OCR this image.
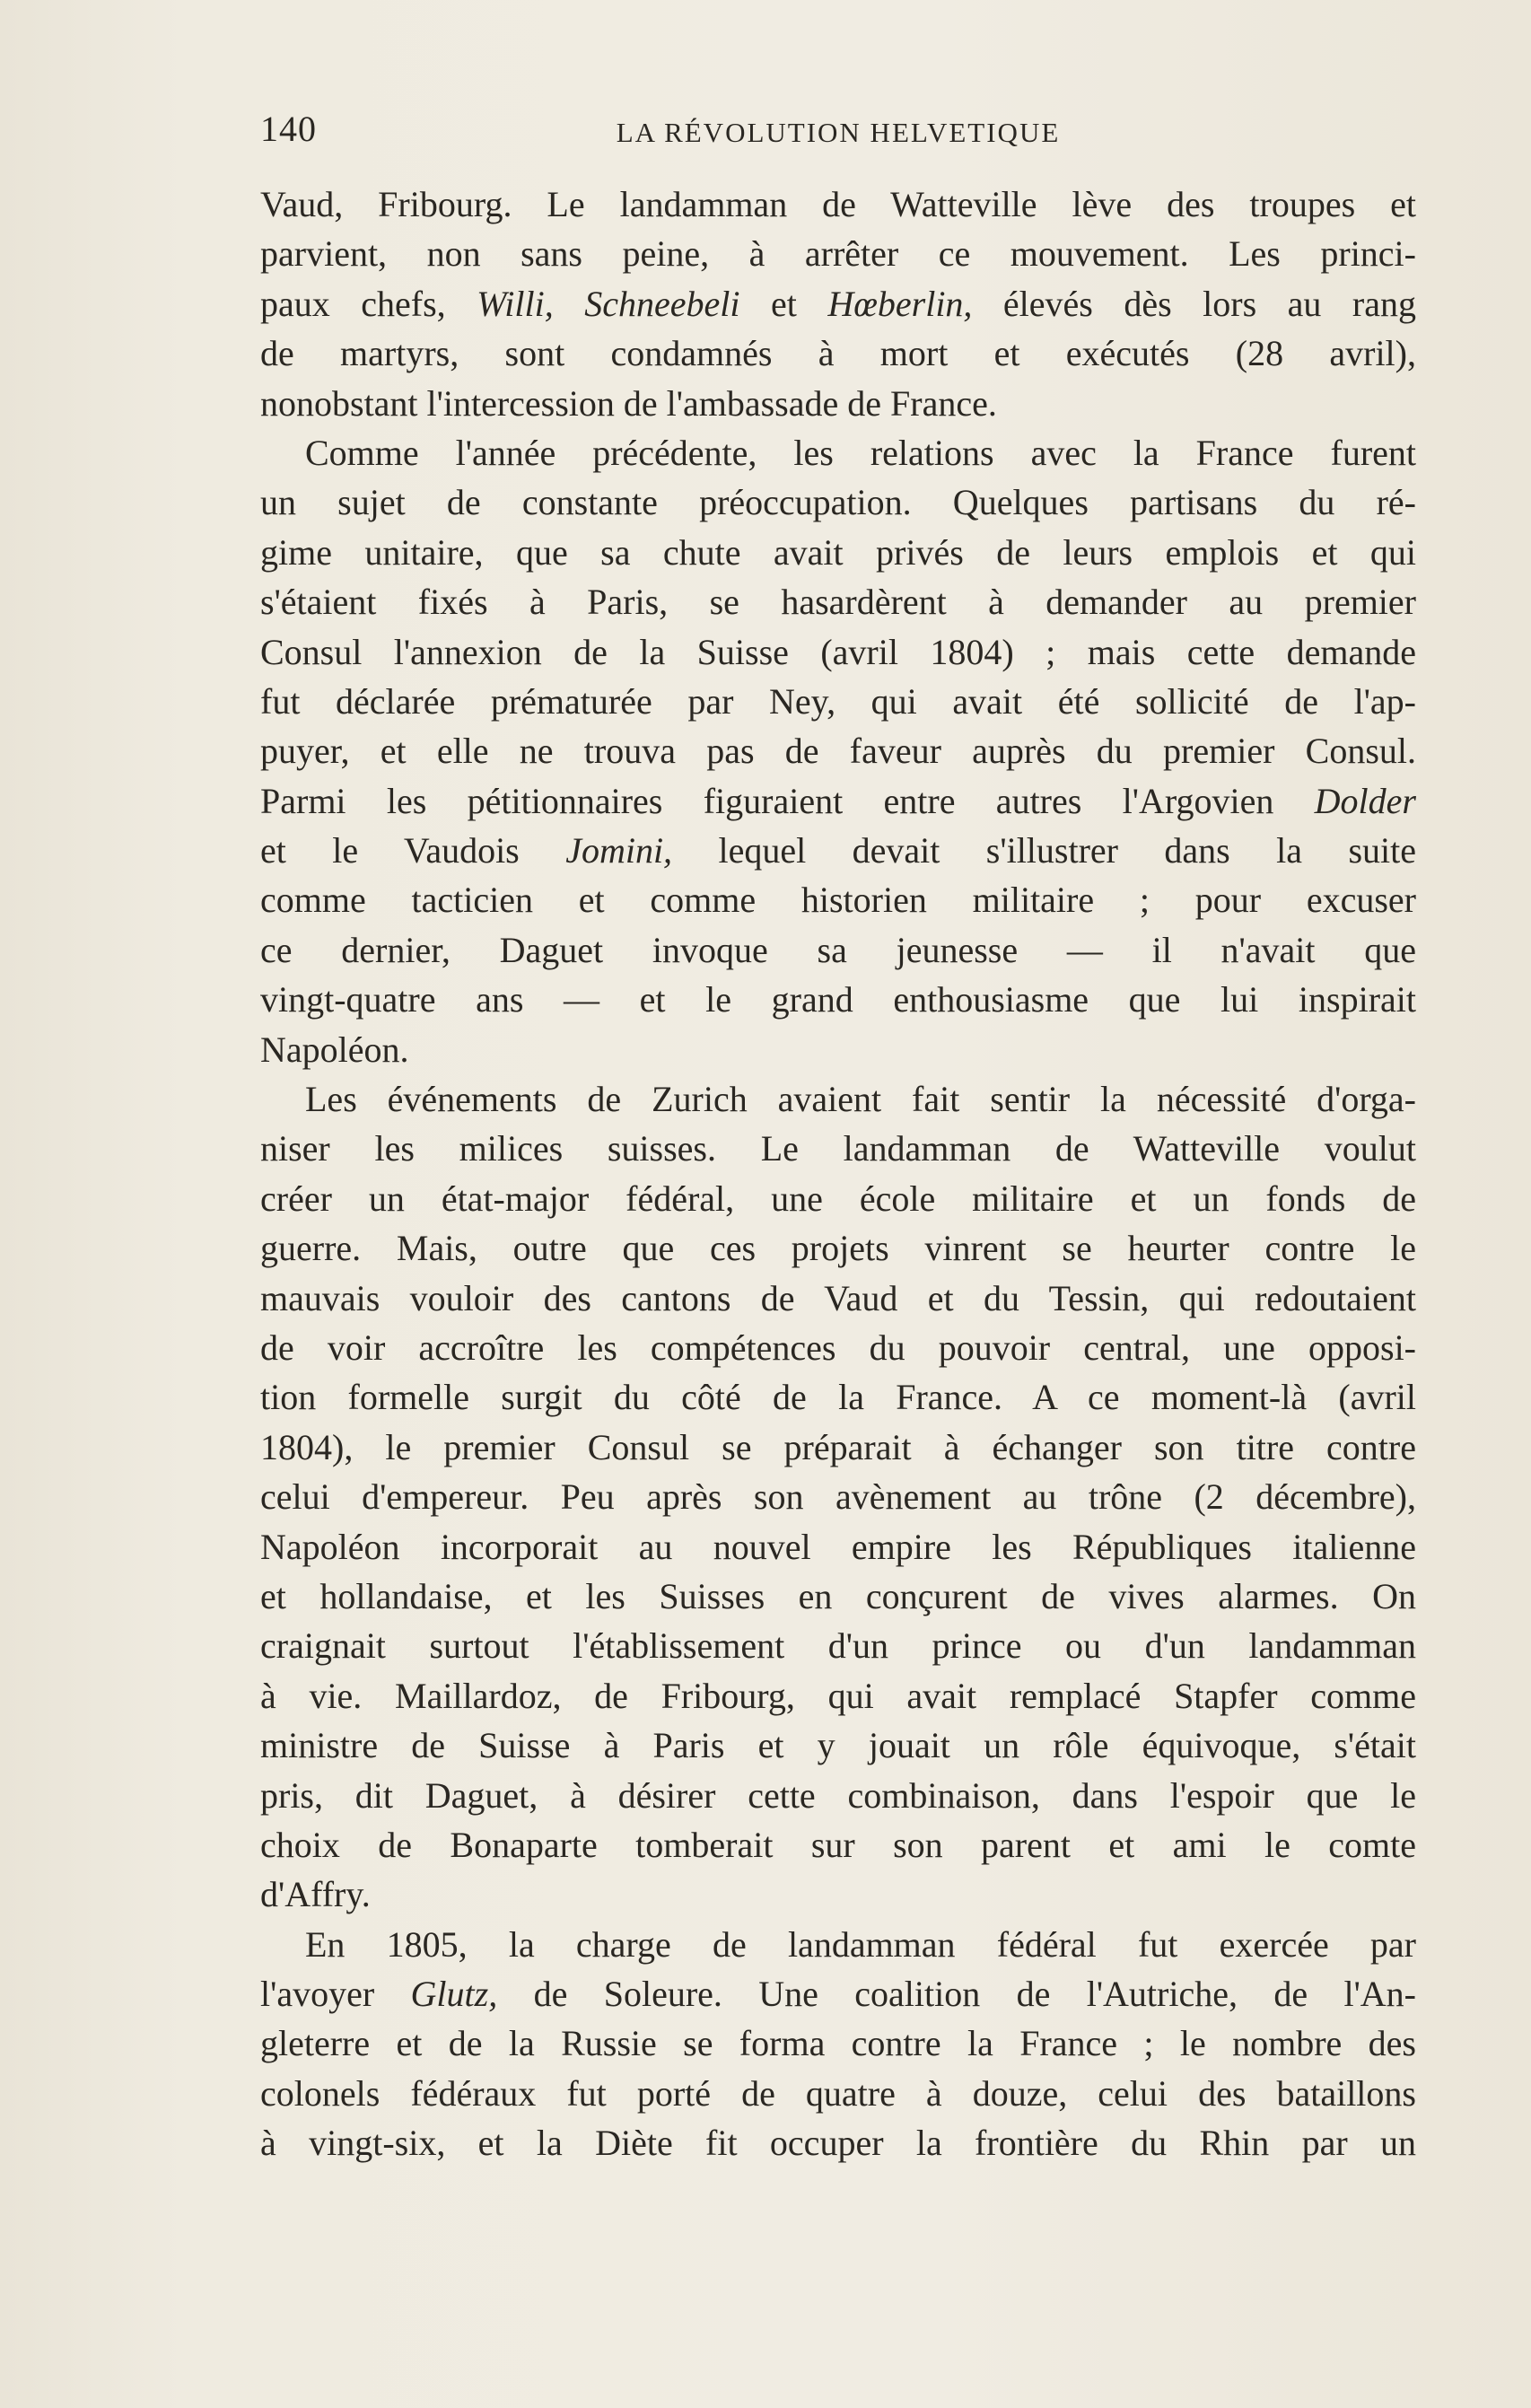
140	LA RÉVOLUTION HELVETIQUE
Vaud, Fribourg. Le landamman de Watteville lève des troupes et
parvient, non sans peine, à arrêter ce mouvement. Les princi-
paux chefs, Willi, Schneebeli et Hœberlin, élevés dès lors au rang
de martyrs, sont condamnés à mort et exécutés (28 avril),
nonobstant l'intercession de l'ambassade de France.
Comme l'année précédente, les relations avec la France furent
un sujet de constante préoccupation. Quelques partisans du ré-
gime unitaire, que sa chute avait privés de leurs emplois et qui
s'étaient fixés à Paris, se hasardèrent à demander au premier
Consul l'annexion de la Suisse (avril 1804) ; mais cette demande
fut déclarée prématurée par Ney, qui avait été sollicité de l'ap-
puyer, et elle ne trouva pas de faveur auprès du premier Consul.
Parmi les pétitionnaires figuraient entre autres l'Argovien Dolder
et le Vaudois Jomini, lequel devait s'illustrer dans la suite
comme tacticien et comme historien militaire ; pour excuser
ce dernier, Daguet invoque sa jeunesse — il n'avait que
vingt-quatre ans — et le grand enthousiasme que lui inspirait
Napoléon.
Les événements de Zurich avaient fait sentir la nécessité d'orga-
niser les milices suisses. Le landamman de Watteville voulut
créer un état-major fédéral, une école militaire et un fonds de
guerre. Mais, outre que ces projets vinrent se heurter contre le
mauvais vouloir des cantons de Vaud et du Tessin, qui redoutaient
de voir accroître les compétences du pouvoir central, une opposi-
tion formelle surgit du côté de la France. A ce moment-là (avril
1804), le premier Consul se préparait à échanger son titre contre
celui d'empereur. Peu après son avènement au trône (2 décembre),
Napoléon incorporait au nouvel empire les Républiques italienne
et hollandaise, et les Suisses en conçurent de vives alarmes. On
craignait surtout l'établissement d'un prince ou d'un landamman
à vie. Maillardoz, de Fribourg, qui avait remplacé Stapfer comme
ministre de Suisse à Paris et y jouait un rôle équivoque, s'était
pris, dit Daguet, à désirer cette combinaison, dans l'espoir que le
choix de Bonaparte tomberait sur son parent et ami le comte
d'Affry.
En 1805, la charge de landamman fédéral fut exercée par
l'avoyer Glutz, de Soleure. Une coalition de l'Autriche, de l'An-
gleterre et de la Russie se forma contre la France ; le nombre des
colonels fédéraux fut porté de quatre à douze, celui des bataillons
à vingt-six, et la Diète fit occuper la frontière du Rhin par un
